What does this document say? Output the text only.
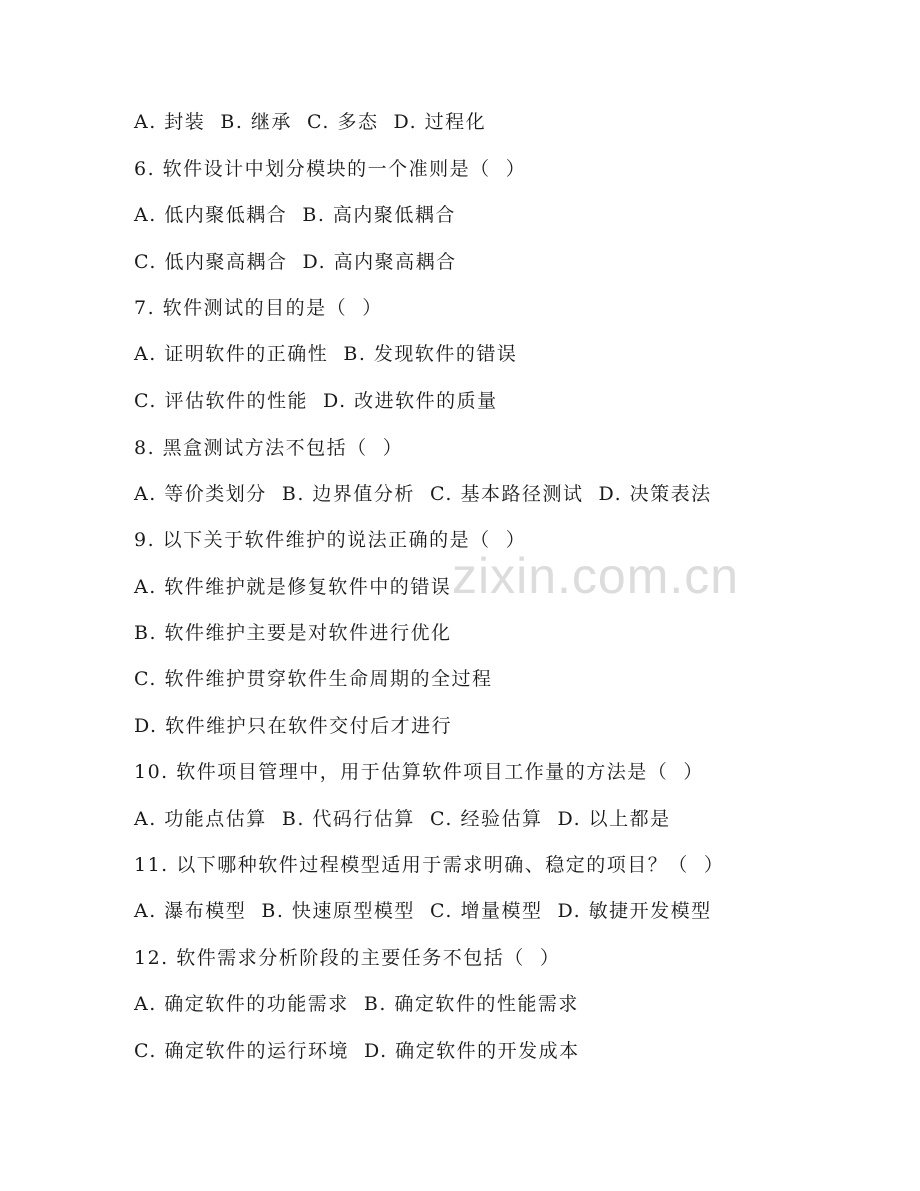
zixin.com.cn
A. 封装  B. 继承  C. 多态  D. 过程化
6. 软件设计中划分模块的一个准则是（  ）
A. 低内聚低耦合  B. 高内聚低耦合
C. 低内聚高耦合  D. 高内聚高耦合
7. 软件测试的目的是（  ）
A. 证明软件的正确性  B. 发现软件的错误
C. 评估软件的性能  D. 改进软件的质量
8. 黑盒测试方法不包括（  ）
A. 等价类划分  B. 边界值分析  C. 基本路径测试  D. 决策表法
9. 以下关于软件维护的说法正确的是（  ）
A. 软件维护就是修复软件中的错误
B. 软件维护主要是对软件进行优化
C. 软件维护贯穿软件生命周期的全过程
D. 软件维护只在软件交付后才进行
10. 软件项目管理中，用于估算软件项目工作量的方法是（  ）
A. 功能点估算  B. 代码行估算  C. 经验估算  D. 以上都是
11. 以下哪种软件过程模型适用于需求明确、稳定的项目？（  ）
A. 瀑布模型  B. 快速原型模型  C. 增量模型  D. 敏捷开发模型
12. 软件需求分析阶段的主要任务不包括（  ）
A. 确定软件的功能需求  B. 确定软件的性能需求
C. 确定软件的运行环境  D. 确定软件的开发成本
